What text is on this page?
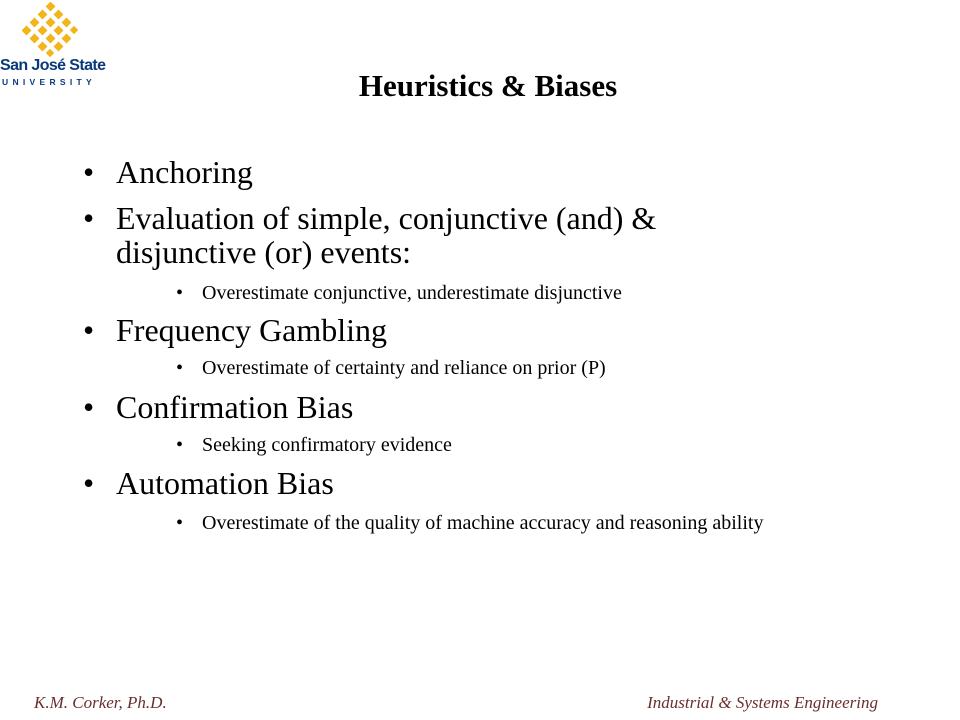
San José State
UNIVERSITY	Heuristics & Biases
• Anchoring
• Evaluation of simple, conjunctive (and) & disjunctive (or) events:
• Overestimate conjunctive, underestimate disjunctive
• Frequency Gambling
• Overestimate of certainty and reliance on prior (P)
• Confirmation Bias
• Seeking confirmatory evidence
• Automation Bias
• Overestimate of the quality of machine accuracy and reasoning ability
K.M. Corker, Ph.D.	Industrial & Systems Engineering
